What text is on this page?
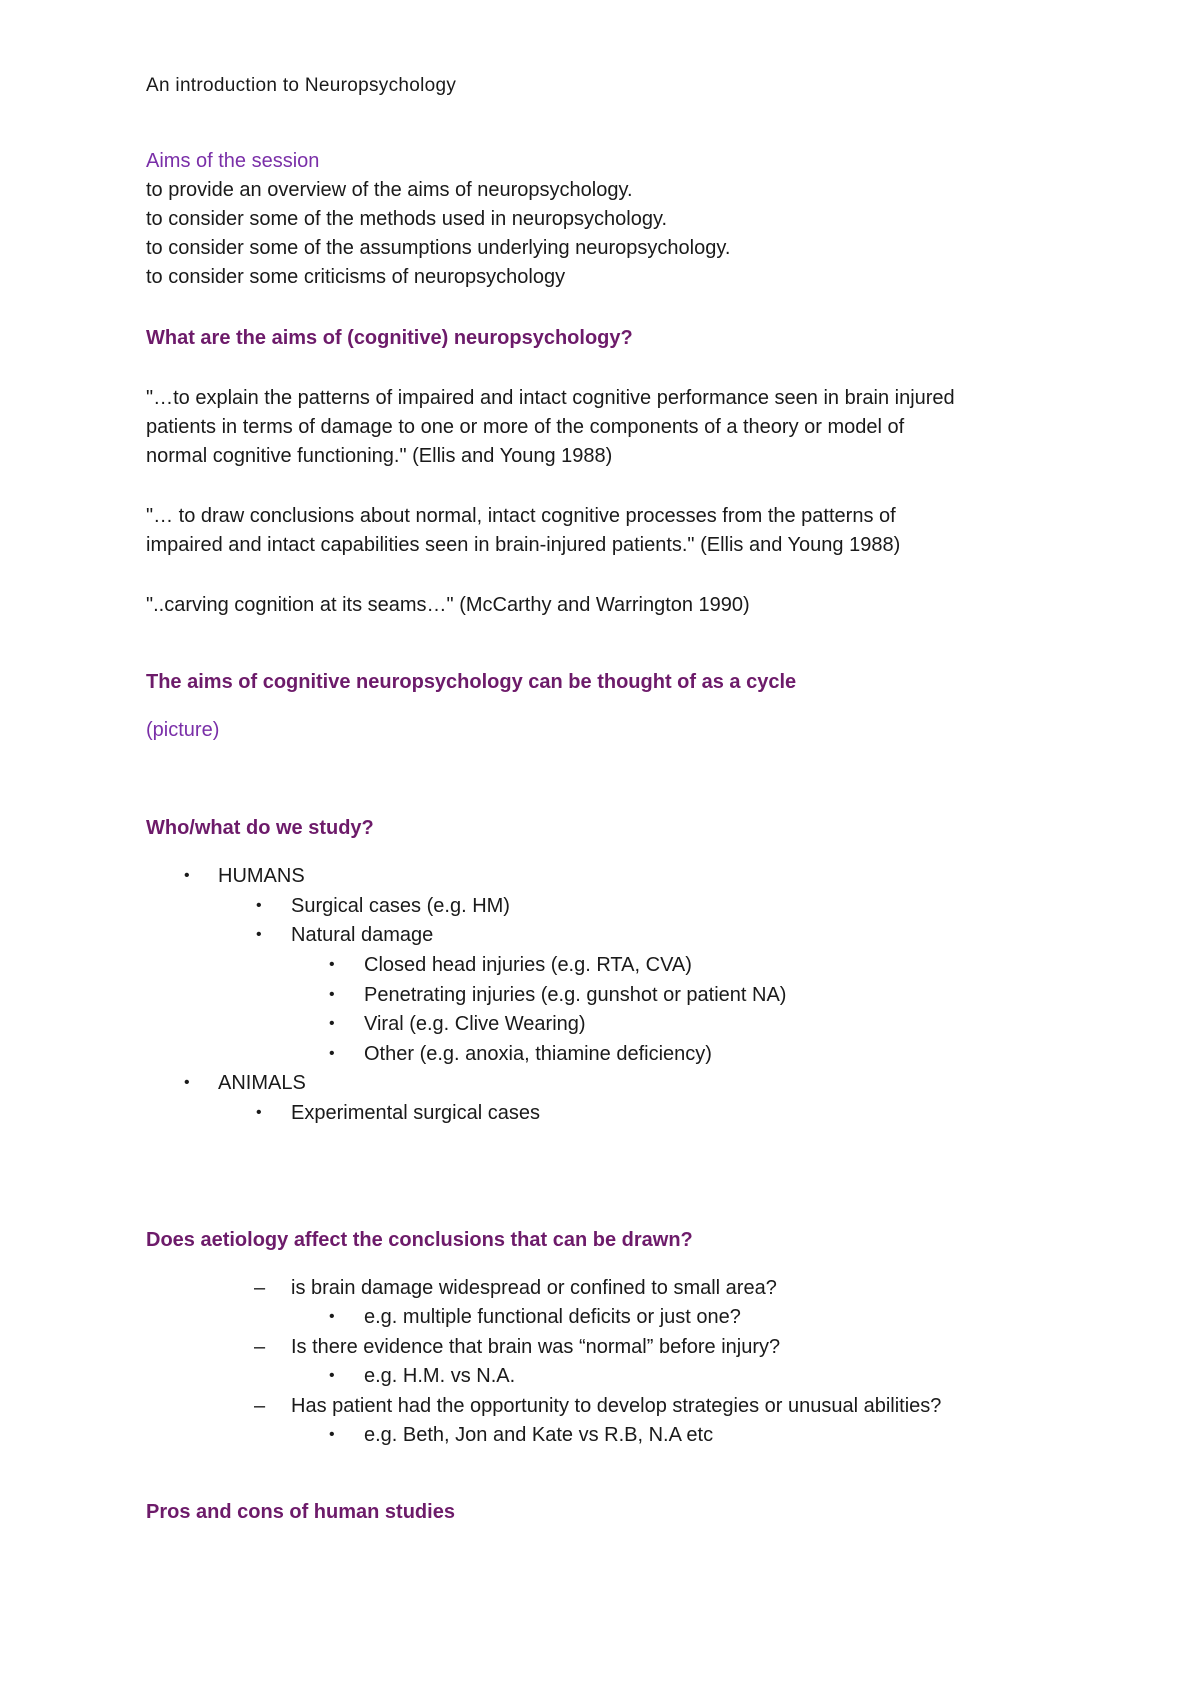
An introduction to Neuropsychology
Aims of the session
to provide an overview of the aims of neuropsychology.
to consider some of the methods used in neuropsychology.
to consider some of the assumptions underlying neuropsychology.
to consider some criticisms of neuropsychology
What are the aims of (cognitive) neuropsychology?
"…to explain the patterns of impaired and intact cognitive performance seen in brain injured
patients in terms of damage to one or more of the components of a theory or model of
normal cognitive functioning." (Ellis and Young 1988)
"… to draw conclusions about normal, intact cognitive processes from the patterns of
impaired and intact capabilities seen in brain-injured patients." (Ellis and Young 1988)
"..carving cognition at its seams…" (McCarthy and Warrington 1990)
The aims of cognitive neuropsychology can be thought of as a cycle
(picture)
Who/what do we study?
• HUMANS
• Surgical cases (e.g. HM)
• Natural damage
• Closed head injuries (e.g. RTA, CVA)
• Penetrating injuries (e.g. gunshot or patient NA)
• Viral (e.g. Clive Wearing)
• Other (e.g. anoxia, thiamine deficiency)
• ANIMALS
• Experimental surgical cases
Does aetiology affect the conclusions that can be drawn?
– is brain damage widespread or confined to small area?
• e.g. multiple functional deficits or just one?
– Is there evidence that brain was “normal” before injury?
• e.g. H.M. vs N.A.
– Has patient had the opportunity to develop strategies or unusual abilities?
• e.g. Beth, Jon and Kate vs R.B, N.A etc
Pros and cons of human studies
